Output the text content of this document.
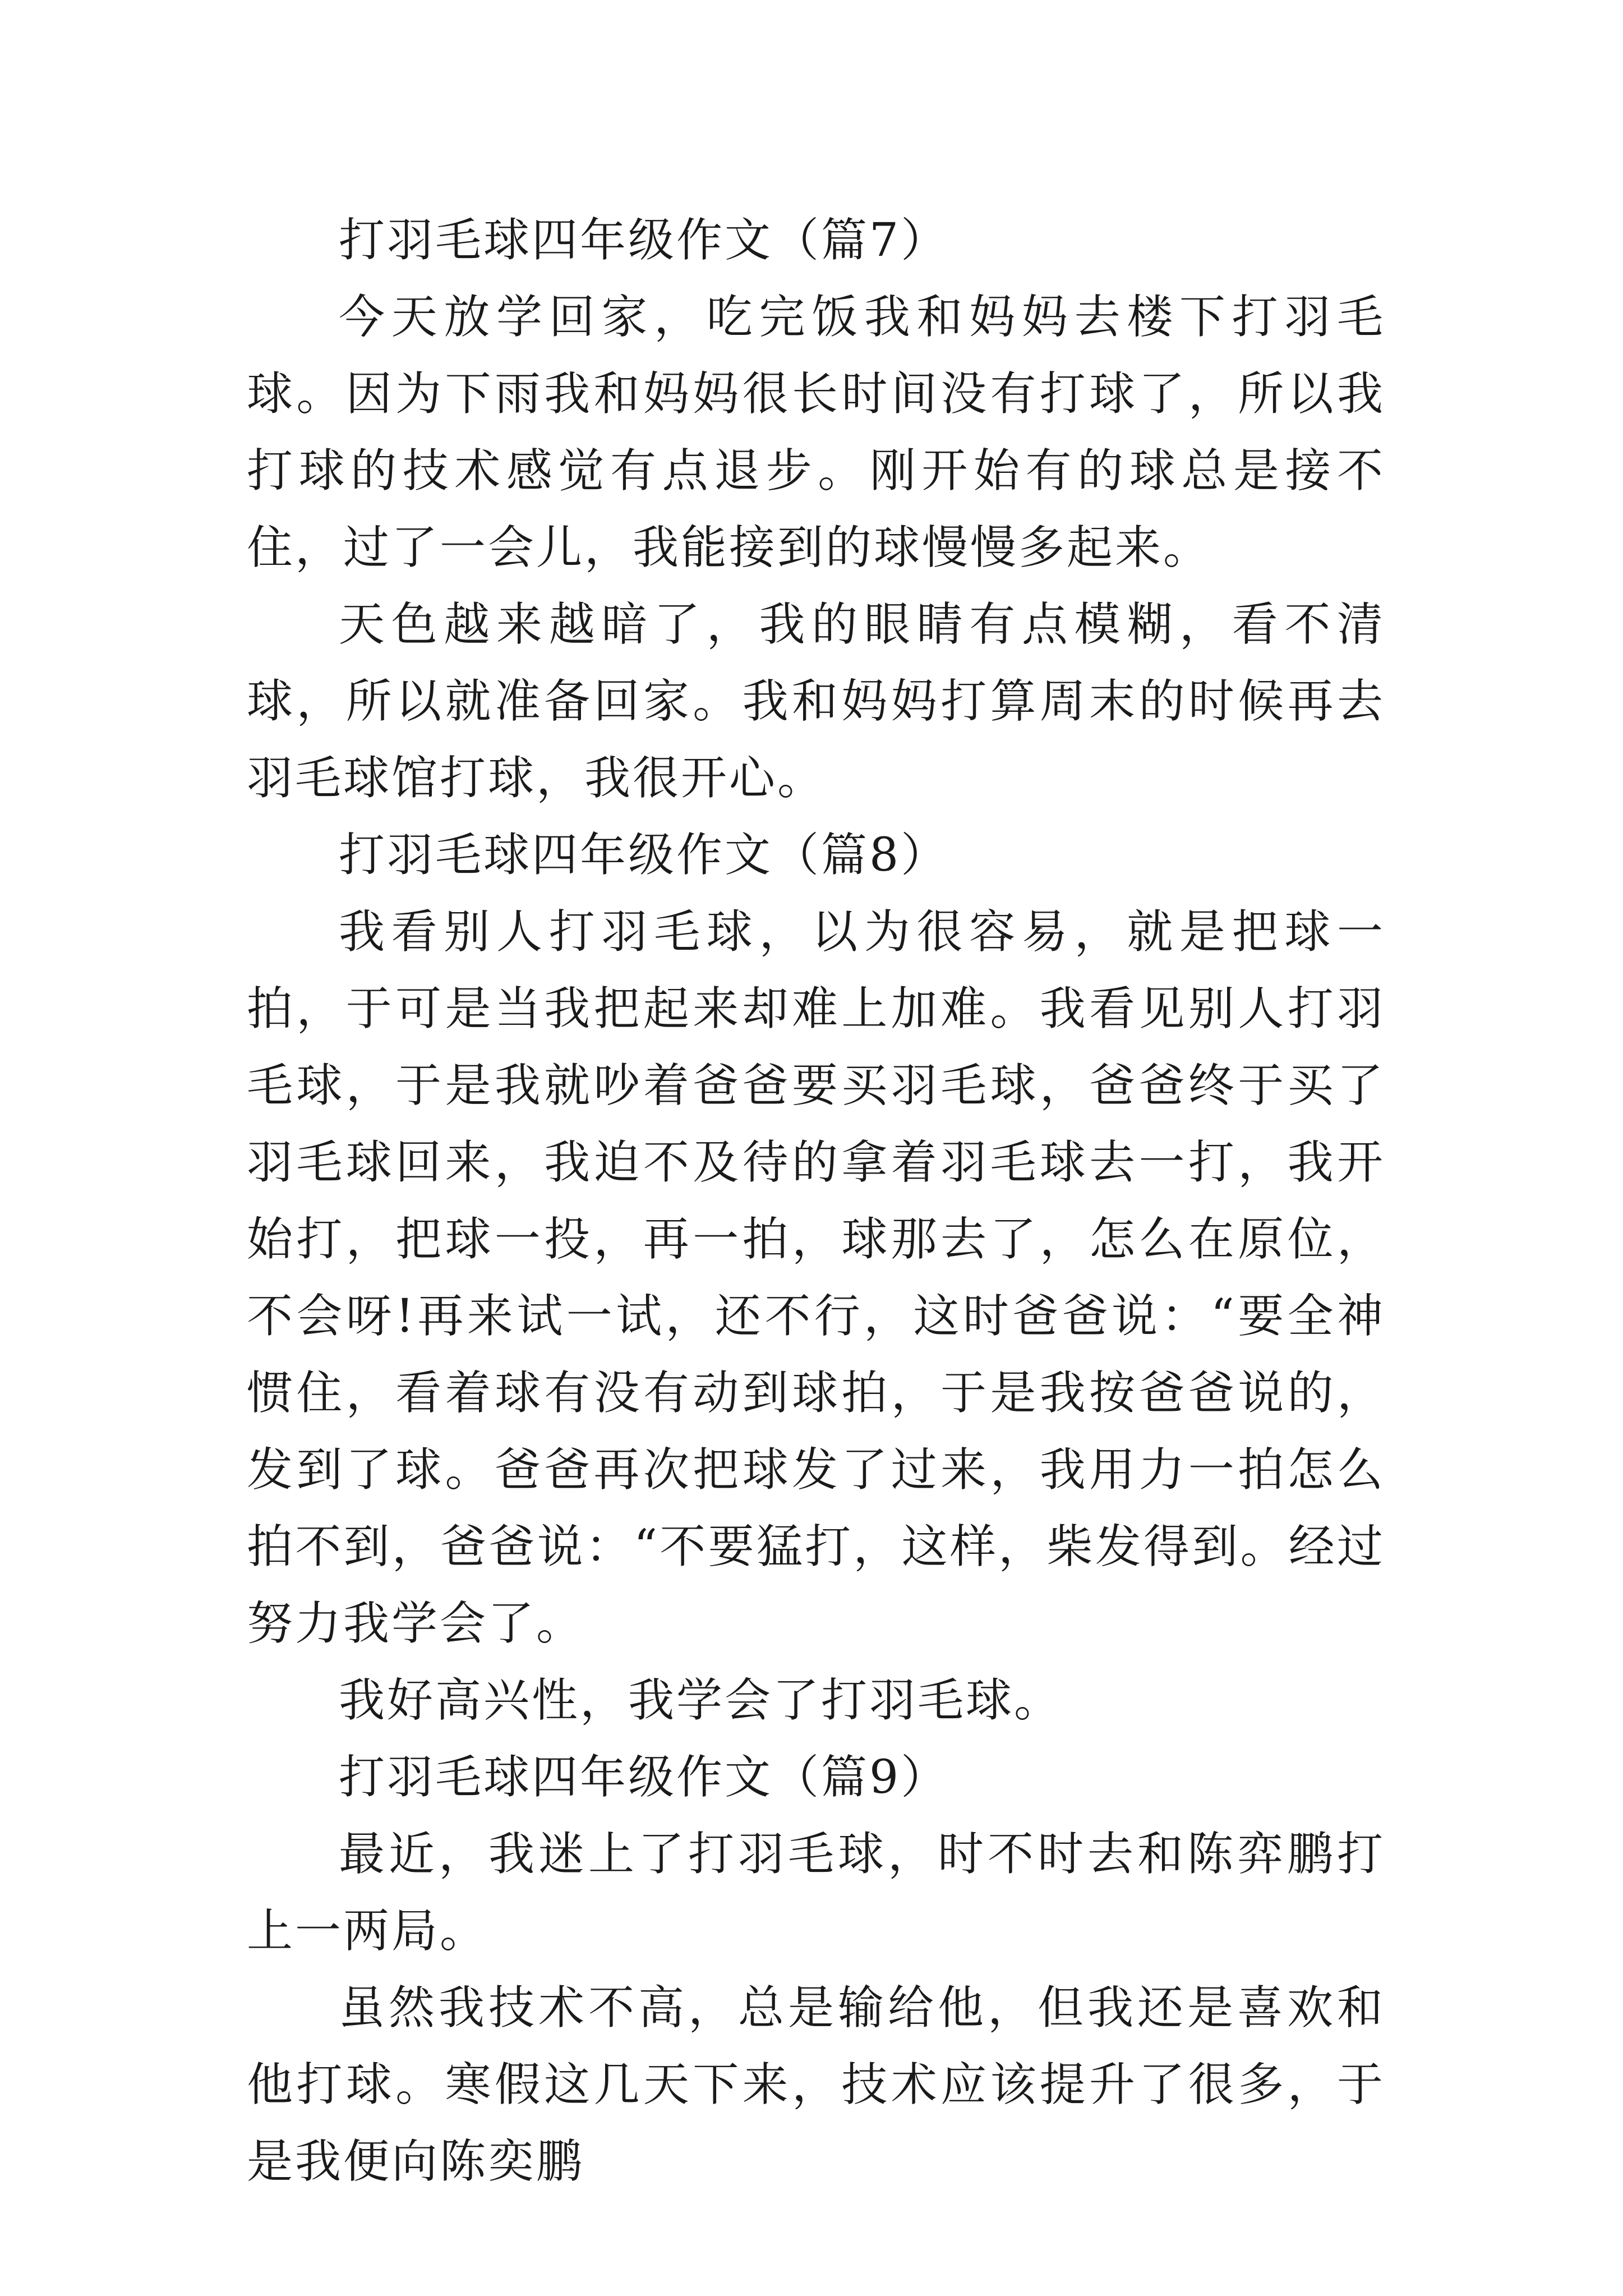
打羽毛球四年级作文（篇7）

今天放学回家，吃完饭我和妈妈去楼下打羽毛球。因为下雨我和妈妈很长时间没有打球了，所以我打球的技术感觉有点退步。刚开始有的球总是接不住，过了一会儿，我能接到的球慢慢多起来。

天色越来越暗了，我的眼睛有点模糊，看不清球，所以就准备回家。我和妈妈打算周末的时候再去羽毛球馆打球，我很开心。

打羽毛球四年级作文（篇8）

我看别人打羽毛球，以为很容易，就是把球一拍，于可是当我把起来却难上加难。我看见别人打羽毛球，于是我就吵着爸爸要买羽毛球，爸爸终于买了羽毛球回来，我迫不及待的拿着羽毛球去一打，我开始打，把球一投，再一拍，球那去了，怎么在原位，不会呀!再来试一试，还不行，这时爸爸说：“要全神惯住，看着球有没有动到球拍，于是我按爸爸说的，发到了球。爸爸再次把球发了过来，我用力一拍怎么拍不到，爸爸说：“不要猛打，这样，柴发得到。经过努力我学会了。

我好高兴性，我学会了打羽毛球。

打羽毛球四年级作文（篇9）

最近，我迷上了打羽毛球，时不时去和陈弈鹏打上一两局。

虽然我技术不高，总是输给他，但我还是喜欢和他打球。寒假这几天下来，技术应该提升了很多，于是我便向陈奕鹏
